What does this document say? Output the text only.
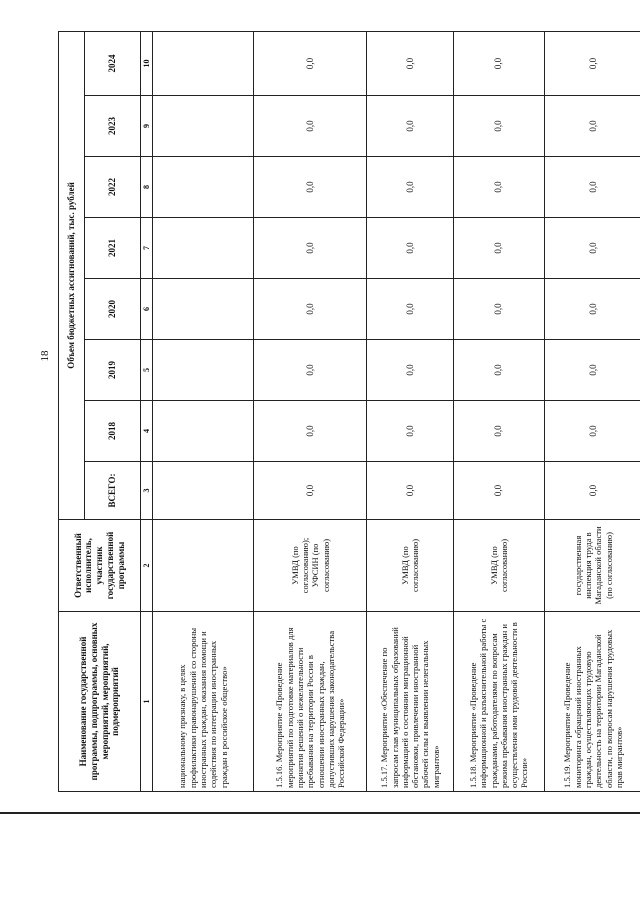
18
Наименование государственной программы, подпрограммы, основных мероприятий, мероприятий, подмероприятий	Ответственный исполнитель, участник государственной программы	Объем бюджетных ассигнований, тыс. рублей							
		ВСЕГО:	2018	2019	2020	2021	2022	2023	2024
1	2	3	4	5	6	7	8	9	10
национальному признаку, в целях профилактики правонарушений со стороны иностранных граждан, оказания помощи и содействия по интеграции иностранных граждан в российское общество»									
1.5.16. Мероприятие «Проведение мероприятий по подготовке материалов для принятия решений о нежелательности пребывания на территории России в отношении иностранных граждан, допустивших нарушения законодательства Российской Федерации»	УМВД (по согласованию); УФСИН (по согласованию)	0,0	0,0	0,0	0,0	0,0	0,0	0,0	0,0
1.5.17. Мероприятие «Обеспечение по запросам глав муниципальных образований информацией о состоянии миграционной обстановки, привлечении иностранной рабочей силы и выявлении нелегальных мигрантов»	УМВД (по согласованию)	0,0	0,0	0,0	0,0	0,0	0,0	0,0	0,0
1.5.18. Мероприятие «Проведение информационной и разъяснительной работы с гражданами, работодателями по вопросам режима пребывания иностранных граждан и осуществления ими трудовой деятельности в России»	УМВД (по согласованию)	0,0	0,0	0,0	0,0	0,0	0,0	0,0	0,0
1.5.19. Мероприятие «Проведение мониторинга обращений иностранных граждан, осуществляющих трудовую деятельность на территории Магаданской области, по вопросам нарушения трудовых прав мигрантов»	государственная инспекция труда в Магаданской области (по согласованию)	0,0	0,0	0,0	0,0	0,0	0,0	0,0	0,0
